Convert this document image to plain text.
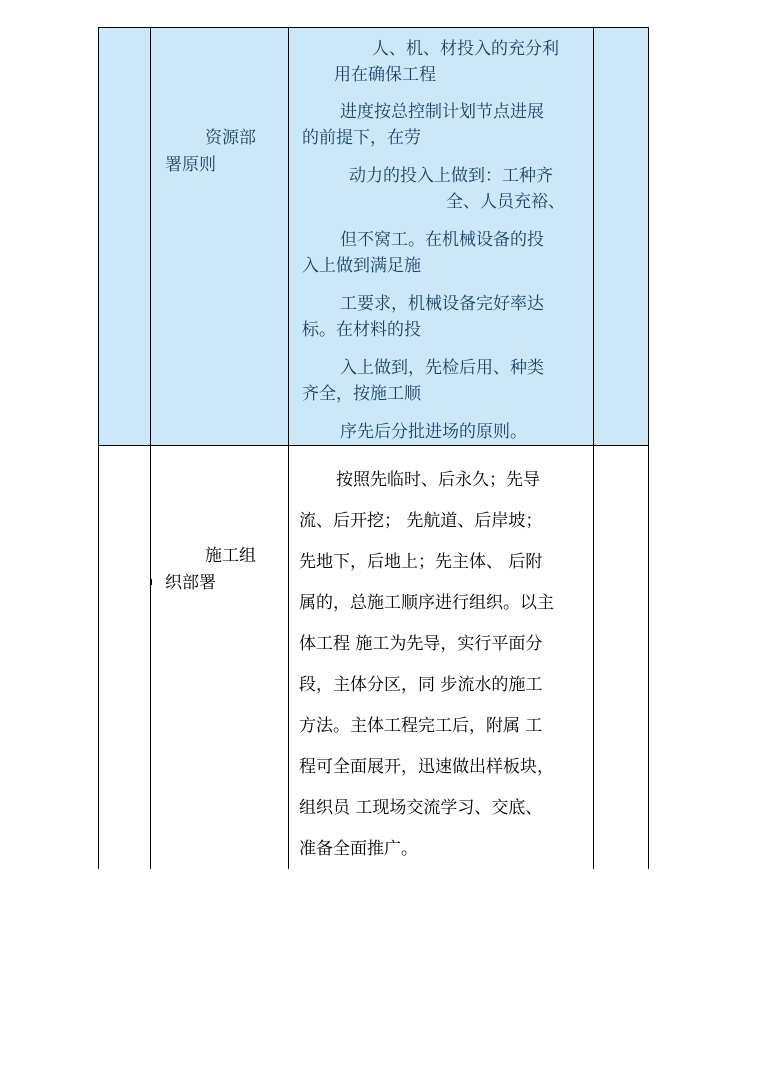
资源部
署原则

人、机、材投入的充分利
用在确保工程

进度按总控制计划节点进展
的前提下，在劳

动力的投入上做到：工种齐
全、人员充裕、

但不窝工。在机械设备的投
入上做到满足施

工要求，机械设备完好率达
标。在材料的投

入上做到，先检后用、种类
齐全，按施工顺

序先后分批进场的原则。

施工组
织部署
按照先临时、后永久；先导
流、后开挖； 先航道、后岸坡；
先地下，后地上；先主体、 后附
属的，总施工顺序进行组织。以主
体工程 施工为先导，实行平面分
段，主体分区，同 步流水的施工
方法。主体工程完工后，附属 工
程可全面展开，迅速做出样板块，
组织员 工现场交流学习、交底、
准备全面推广。
